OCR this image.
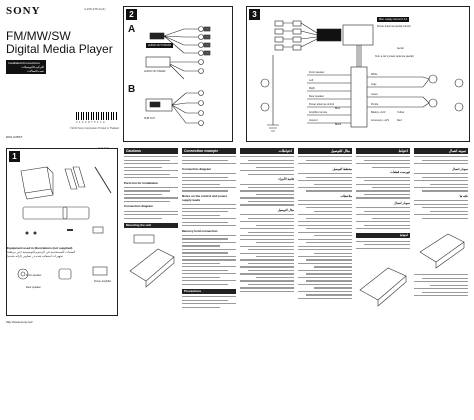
SONY	4-166-975-11(1)
FM/MW/SW
Digital Media Player
Installation/Connections
التركيب/التوصيلات
نصب/اتصالات
4 1 6 6 9 7 5 1 1 0
©2010 Sony Corporation Printed in Thailand
DSX-A35ST
1
Equipment used in illustrations (not supplied)
المعدات المستخدمة في الرسوم التوضيحية (غير مرفقة)
تجهیزات استفاده شده در تصاویر (ارائه نشده)
Front speaker
Rear speaker
Power amplifier
http://www.sony.net/
2
A
B
AUDIO OUT FRONT
AUDIO OUT REAR
SUB OUT
3
Max. supply current 0.4 A
Power antenna (aerial) control
Aerial
from a car's power antenna (aerial)
Front speaker
Left
Right
Rear speaker
Power antenna control
Amplifier remote
Ground
Battery +12V
Accessory +12V
White
Gray
Green
Purple
Blue
Black
Yellow
Red
Cautions
Parts list for installation
Connection diagram
Mounting the unit
Connection example
Connection diagram
Notes on the control and power supply leads
Memory hold connection
Precautions
احتياطات
قائمة الأجزاء
مثال التوصيل
مثال للتوصيل
مخطط التوصيل
ملاحظات
احتیاط
فهرست قطعات
نمودار اتصال
احتیاط
نمونه اتصال
نمودار اتصال
نکته ها
